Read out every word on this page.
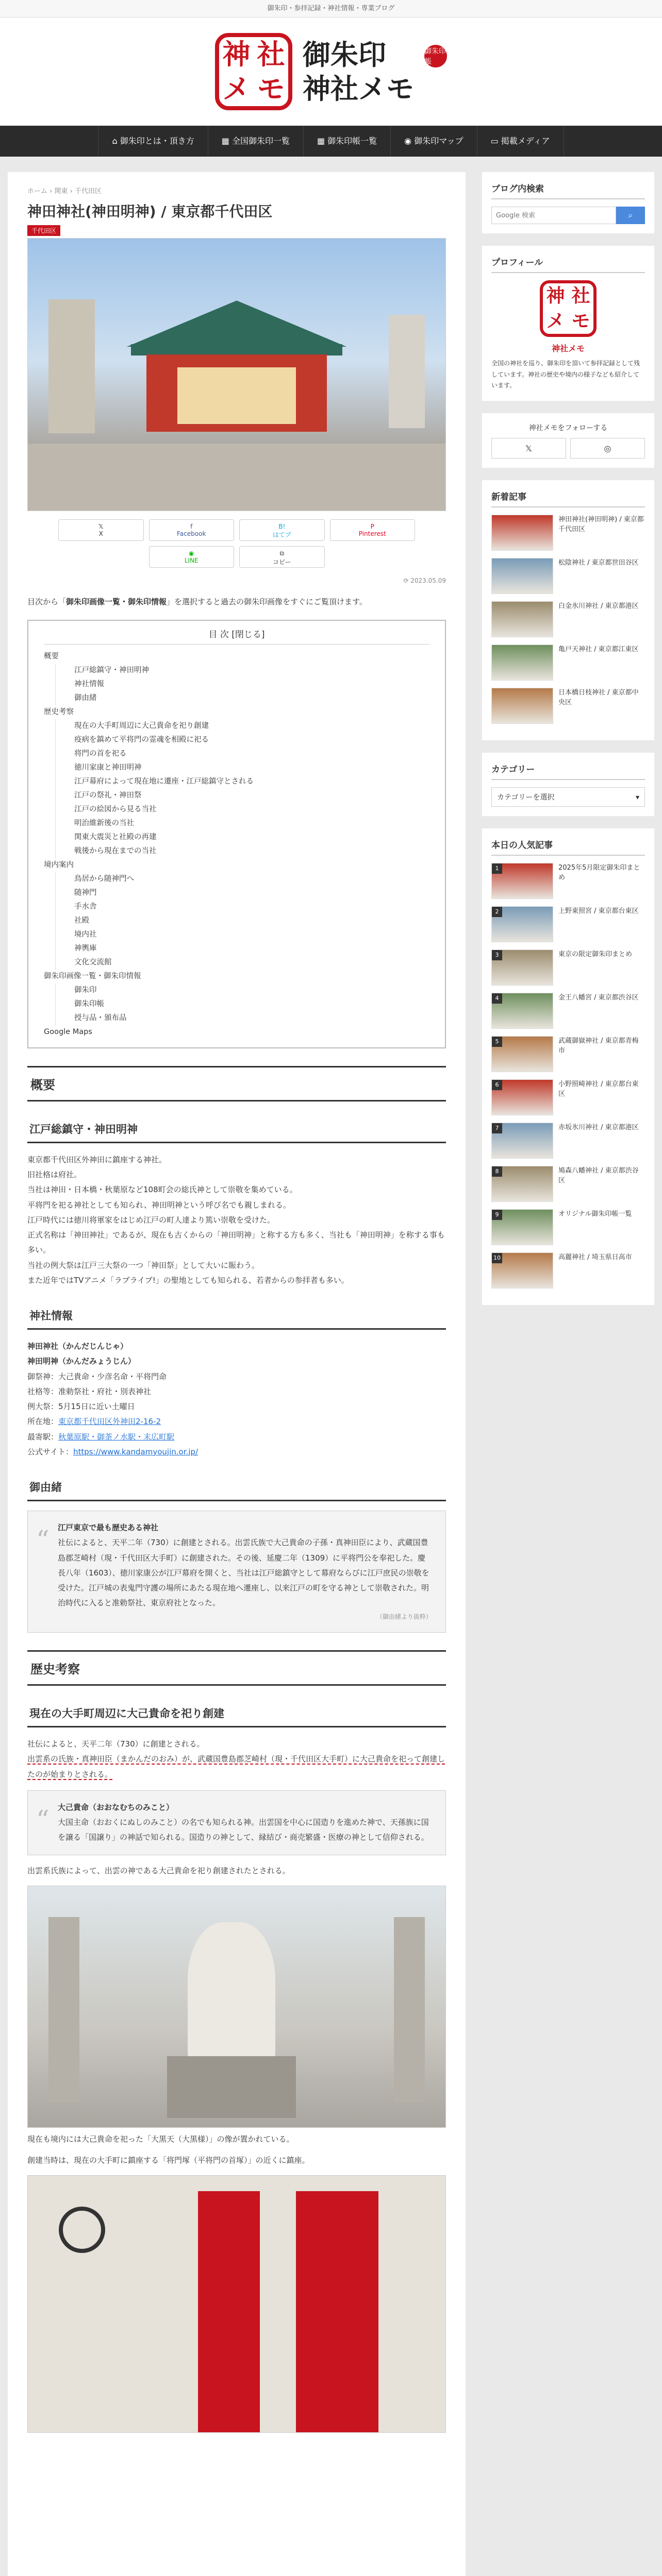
御朱印・参拝記録・神社情報・専業ブログ
神 社
メ モ
御朱印
神社メモ
御朱印帳
⌂ 御朱印とは・頂き方	▦ 全国御朱印一覧	▦ 御朱印帳一覧	◉ 御朱印マップ	▭ 掲載メディア
ホーム › 関東 › 千代田区
神田神社(神田明神) / 東京都千代田区
千代田区
𝕏
X
f
Facebook
B!
はてブ
P
Pinterest
◉
LINE
⧉
コピー
⟳ 2023.05.09

目次から「御朱印画像一覧・御朱印情報」を選択すると過去の御朱印画像をすぐにご覧頂けます。

目 次 [閉じる]
概要
江戸総鎮守・神田明神
神社情報
御由緒
歴史考察
現在の大手町周辺に大己貴命を祀り創建
疫病を鎮めて平将門の霊魂を相殿に祀る
将門の首を祀る
徳川家康と神田明神
江戸幕府によって現在地に遷座・江戸総鎮守とされる
江戸の祭礼・神田祭
江戸の絵図から見る当社
明治維新後の当社
関東大震災と社殿の再建
戦後から現在までの当社
境内案内
鳥居から随神門へ
随神門
手水舎
社殿
境内社
神輿庫
文化交流館
御朱印画像一覧・御朱印情報
御朱印
御朱印帳
授与品・頒布品
Google Maps
概要
江戸総鎮守・神田明神
東京都千代田区外神田に鎮座する神社。
旧社格は府社。
当社は神田・日本橋・秋葉原など108町会の総氏神として崇敬を集めている。
平将門を祀る神社としても知られ、神田明神という呼び名でも親しまれる。
江戸時代には徳川将軍家をはじめ江戸の町人達より篤い崇敬を受けた。
正式名称は「神田神社」であるが、現在も古くからの「神田明神」と称する方も多く、当社も「神田明神」を称する事も多い。
当社の例大祭は江戸三大祭の一つ「神田祭」として大いに賑わう。
また近年ではTVアニメ「ラブライブ!」の聖地としても知られる、若者からの参拝者も多い。
神社情報
神田神社（かんだじんじゃ）
神田明神（かんだみょうじん）
御祭神：大己貴命・少彦名命・平将門命
社格等：准勅祭社・府社・別表神社
例大祭：5月15日に近い土曜日
所在地：東京都千代田区外神田2-16-2
最寄駅：秋葉原駅・御茶ノ水駅・末広町駅
公式サイト：https://www.kandamyoujin.or.jp/
御由緒
“ 江戸東京で最も歴史ある神社
社伝によると、天平二年（730）に創建とされる。出雲氏族で大己貴命の子孫・真神田臣により、武蔵国豊島郡芝崎村（現・千代田区大手町）に創建された。その後、延慶二年（1309）に平将門公を奉祀した。慶長八年（1603）、徳川家康公が江戸幕府を開くと、当社は江戸総鎮守として幕府ならびに江戸庶民の崇敬を受けた。江戸城の表鬼門守護の場所にあたる現在地へ遷座し、以来江戸の町を守る神として崇敬された。明治時代に入ると准勅祭社、東京府社となった。
（御由緒より抜粋）
歴史考察
現在の大手町周辺に大己貴命を祀り創建

社伝によると、天平二年（730）に創建とされる。

出雲系の氏族・真神田臣（まかんだのおみ）が、武蔵国豊島郡芝崎村（現・千代田区大手町）に大己貴命を祀って創建したのが始まりとされる。

“ 大己貴命（おおなむちのみこと）
大国主命（おおくにぬしのみこと）の名でも知られる神。出雲国を中心に国造りを進めた神で、天孫族に国を譲る「国譲り」の神話で知られる。国造りの神として、縁結び・商売繁盛・医療の神として信仰される。

出雲系氏族によって、出雲の神である大己貴命を祀り創建されたとされる。

現在も境内には大己貴命を祀った「大黒天（大黒様）」の像が置かれている。

創建当時は、現在の大手町に鎮座する「将門塚（平将門の首塚）」の近くに鎮座。

ブログ内検索
Google 検索
⌕
プロフィール
神 社
メ モ
神社メモ

全国の神社を巡り、御朱印を頂いて参拝記録として残しています。神社の歴史や境内の様子なども紹介しています。

神社メモをフォローする
𝕏	◎
新着記事
神田神社(神田明神) / 東京都千代田区
松陰神社 / 東京都世田谷区
白金氷川神社 / 東京都港区
亀戸天神社 / 東京都江東区
日本橋日枝神社 / 東京都中央区
カテゴリー
カテゴリーを選択	▾
本日の人気記事
1	2025年5月限定御朱印まとめ
2	上野東照宮 / 東京都台東区
3	東京の限定御朱印まとめ
4	金王八幡宮 / 東京都渋谷区
5	武蔵御嶽神社 / 東京都青梅市
6	小野照崎神社 / 東京都台東区
7	赤坂氷川神社 / 東京都港区
8	鳩森八幡神社 / 東京都渋谷区
9	オリジナル御朱印帳一覧
10	高麗神社 / 埼玉県日高市
